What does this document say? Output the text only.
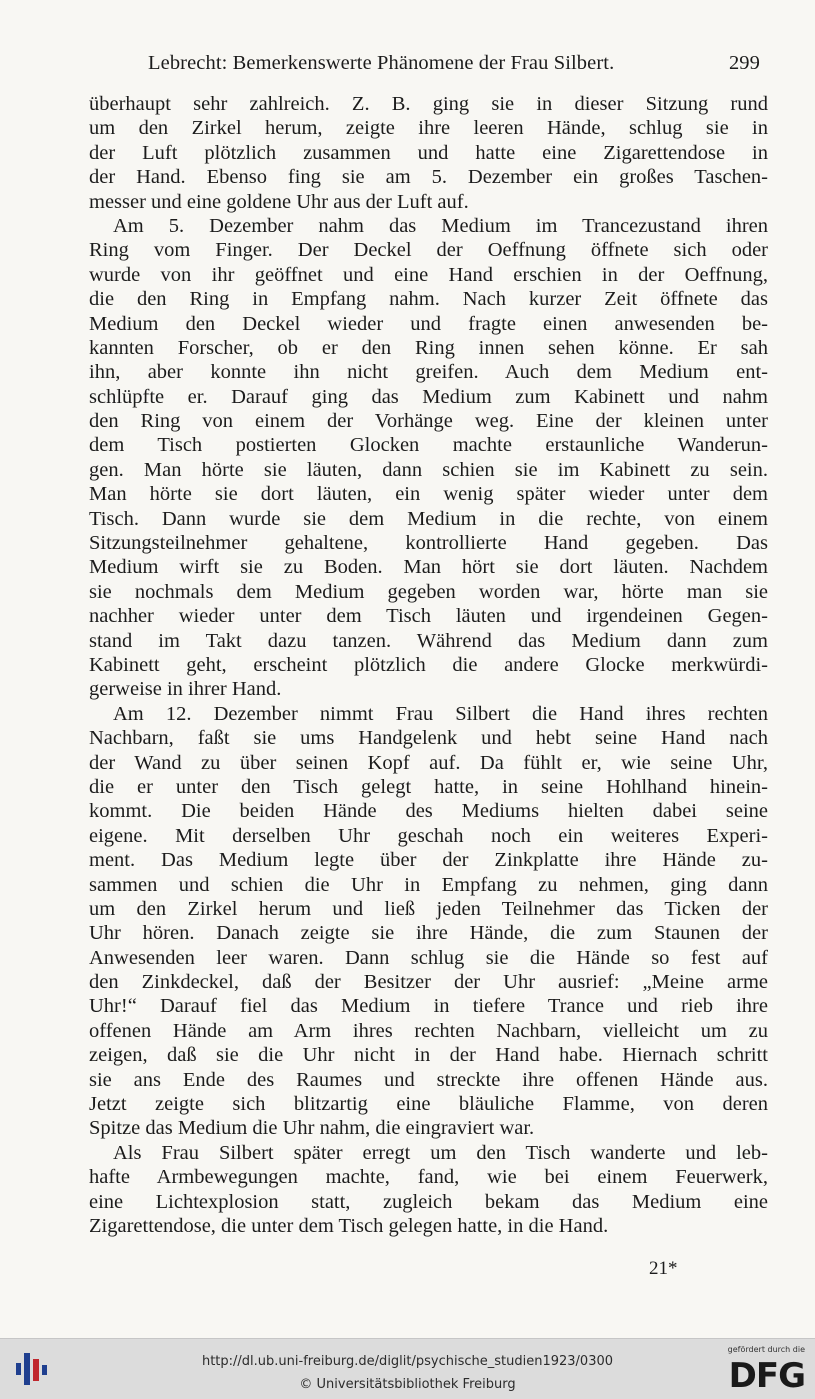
Lebrecht: Bemerkenswerte Phänomene der Frau Silbert.	299
überhaupt sehr zahlreich. Z. B. ging sie in dieser Sitzung rund
um den Zirkel herum, zeigte ihre leeren Hände, schlug sie in
der Luft plötzlich zusammen und hatte eine Zigarettendose in
der Hand. Ebenso fing sie am 5. Dezember ein großes Taschen-
messer und eine goldene Uhr aus der Luft auf.
Am 5. Dezember nahm das Medium im Trancezustand ihren
Ring vom Finger. Der Deckel der Oeffnung öffnete sich oder
wurde von ihr geöffnet und eine Hand erschien in der Oeffnung,
die den Ring in Empfang nahm. Nach kurzer Zeit öffnete das
Medium den Deckel wieder und fragte einen anwesenden be-
kannten Forscher, ob er den Ring innen sehen könne. Er sah
ihn, aber konnte ihn nicht greifen. Auch dem Medium ent-
schlüpfte er. Darauf ging das Medium zum Kabinett und nahm
den Ring von einem der Vorhänge weg. Eine der kleinen unter
dem Tisch postierten Glocken machte erstaunliche Wanderun-
gen. Man hörte sie läuten, dann schien sie im Kabinett zu sein.
Man hörte sie dort läuten, ein wenig später wieder unter dem
Tisch. Dann wurde sie dem Medium in die rechte, von einem
Sitzungsteilnehmer gehaltene, kontrollierte Hand gegeben. Das
Medium wirft sie zu Boden. Man hört sie dort läuten. Nachdem
sie nochmals dem Medium gegeben worden war, hörte man sie
nachher wieder unter dem Tisch läuten und irgendeinen Gegen-
stand im Takt dazu tanzen. Während das Medium dann zum
Kabinett geht, erscheint plötzlich die andere Glocke merkwürdi-
gerweise in ihrer Hand.
Am 12. Dezember nimmt Frau Silbert die Hand ihres rechten
Nachbarn, faßt sie ums Handgelenk und hebt seine Hand nach
der Wand zu über seinen Kopf auf. Da fühlt er, wie seine Uhr,
die er unter den Tisch gelegt hatte, in seine Hohlhand hinein-
kommt. Die beiden Hände des Mediums hielten dabei seine
eigene. Mit derselben Uhr geschah noch ein weiteres Experi-
ment. Das Medium legte über der Zinkplatte ihre Hände zu-
sammen und schien die Uhr in Empfang zu nehmen, ging dann
um den Zirkel herum und ließ jeden Teilnehmer das Ticken der
Uhr hören. Danach zeigte sie ihre Hände, die zum Staunen der
Anwesenden leer waren. Dann schlug sie die Hände so fest auf
den Zinkdeckel, daß der Besitzer der Uhr ausrief: „Meine arme
Uhr!“ Darauf fiel das Medium in tiefere Trance und rieb ihre
offenen Hände am Arm ihres rechten Nachbarn, vielleicht um zu
zeigen, daß sie die Uhr nicht in der Hand habe. Hiernach schritt
sie ans Ende des Raumes und streckte ihre offenen Hände aus.
Jetzt zeigte sich blitzartig eine bläuliche Flamme, von deren
Spitze das Medium die Uhr nahm, die eingraviert war.
Als Frau Silbert später erregt um den Tisch wanderte und leb-
hafte Armbewegungen machte, fand, wie bei einem Feuerwerk,
eine Lichtexplosion statt, zugleich bekam das Medium eine
Zigarettendose, die unter dem Tisch gelegen hatte, in die Hand.
21*
http://dl.ub.uni-freiburg.de/diglit/psychische_studien1923/0300
© Universitätsbibliothek Freiburg
gefördert durch die
DFG
